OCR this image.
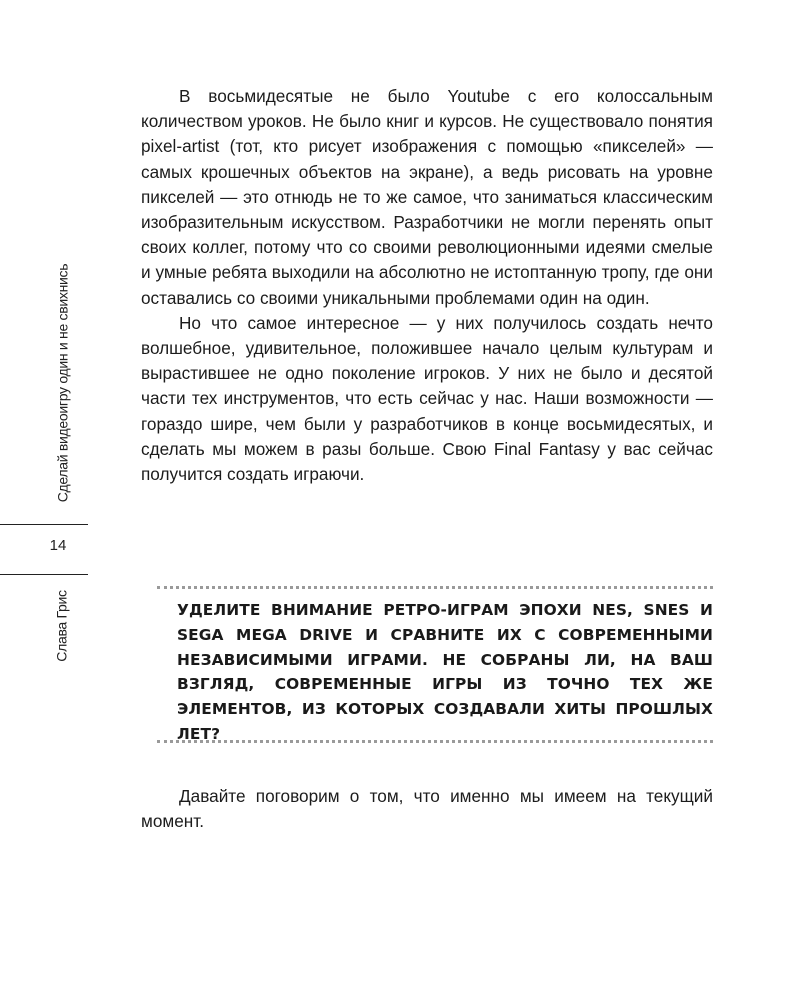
Сделай видеоигру один и не свихнись
14
Слава Грис

В восьмидесятые не было Youtube с его колоссальным количеством уроков. Не было книг и курсов. Не существовало понятия pixel-artist (тот, кто рисует изображения с помощью «пикселей» — самых крошечных объектов на экране), а ведь рисовать на уровне пикселей — это отнюдь не то же самое, что заниматься классическим изобразительным искусством. Разработчики не могли перенять опыт своих коллег, потому что со своими революционными идеями смелые и умные ребята выходили на абсолютно не истоптанную тропу, где они оставались со своими уникальными проблемами один на один.

Но что самое интересное — у них получилось создать нечто волшебное, удивительное, положившее начало целым культурам и вырастившее не одно поколение игроков. У них не было и десятой части тех инструментов, что есть сейчас у нас. Наши возможности — гораздо шире, чем были у разработчиков в конце восьмидесятых, и сделать мы можем в разы больше. Свою Final Fantasy у вас сейчас получится создать играючи.

УДЕЛИТЕ ВНИМАНИЕ РЕТРО-ИГРАМ ЭПОХИ NES, SNES И SEGA MEGA DRIVE И СРАВНИТЕ ИХ С СОВРЕМЕННЫМИ НЕЗАВИСИМЫМИ ИГРАМИ. НЕ СОБРАНЫ ЛИ, НА ВАШ ВЗГЛЯД, СОВРЕМЕННЫЕ ИГРЫ ИЗ ТОЧНО ТЕХ ЖЕ ЭЛЕМЕНТОВ, ИЗ КОТОРЫХ СОЗДАВАЛИ ХИТЫ ПРОШЛЫХ ЛЕТ?

Давайте поговорим о том, что именно мы имеем на текущий момент.
